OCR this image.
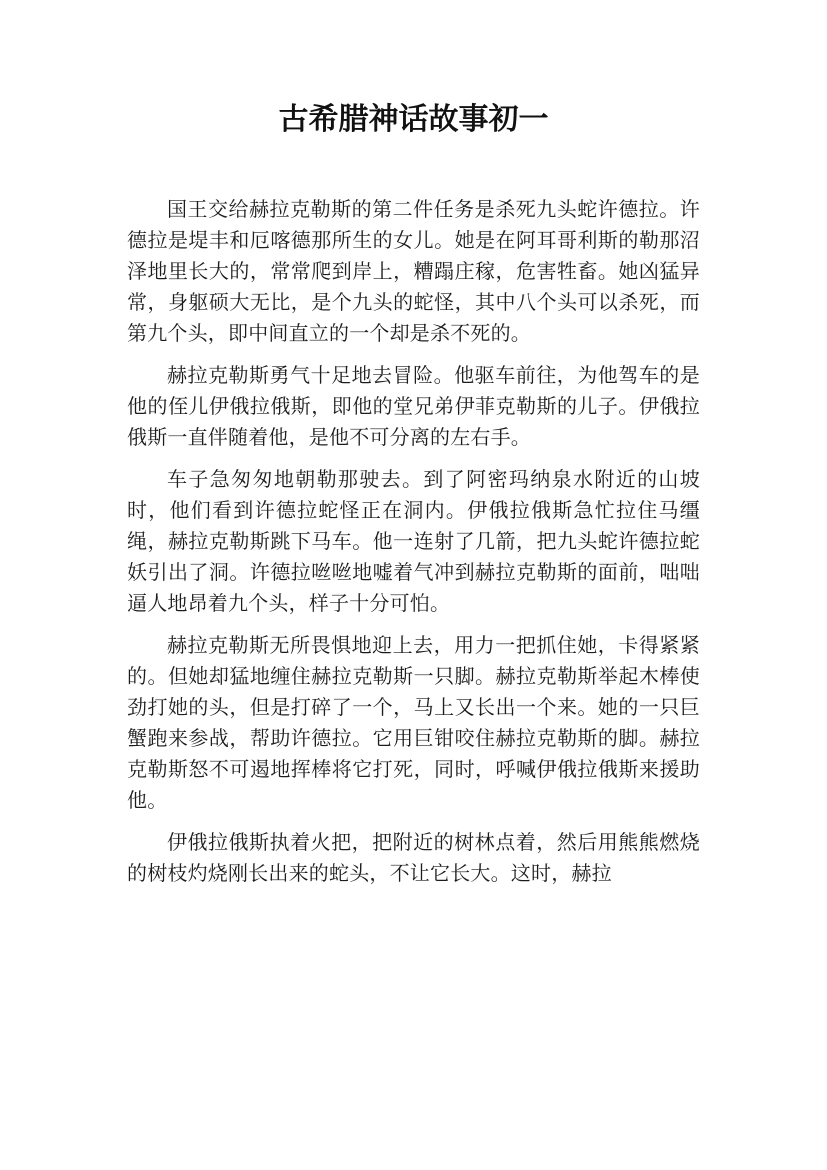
古希腊神话故事初一

国王交给赫拉克勒斯的第二件任务是杀死九头蛇许德拉。许德拉是堤丰和厄喀德那所生的女儿。她是在阿耳哥利斯的勒那沼泽地里长大的，常常爬到岸上，糟蹋庄稼，危害牲畜。她凶猛异常，身躯硕大无比，是个九头的蛇怪，其中八个头可以杀死，而第九个头，即中间直立的一个却是杀不死的。

赫拉克勒斯勇气十足地去冒险。他驱车前往，为他驾车的是他的侄儿伊俄拉俄斯，即他的堂兄弟伊菲克勒斯的儿子。伊俄拉俄斯一直伴随着他，是他不可分离的左右手。

车子急匆匆地朝勒那驶去。到了阿密玛纳泉水附近的山坡时，他们看到许德拉蛇怪正在洞内。伊俄拉俄斯急忙拉住马缰绳，赫拉克勒斯跳下马车。他一连射了几箭，把九头蛇许德拉蛇妖引出了洞。许德拉咝咝地嘘着气冲到赫拉克勒斯的面前，咄咄逼人地昂着九个头，样子十分可怕。

赫拉克勒斯无所畏惧地迎上去，用力一把抓住她，卡得紧紧的。但她却猛地缠住赫拉克勒斯一只脚。赫拉克勒斯举起木棒使劲打她的头，但是打碎了一个，马上又长出一个来。她的一只巨蟹跑来参战，帮助许德拉。它用巨钳咬住赫拉克勒斯的脚。赫拉克勒斯怒不可遏地挥棒将它打死，同时，呼喊伊俄拉俄斯来援助他。

伊俄拉俄斯执着火把，把附近的树林点着，然后用熊熊燃烧的树枝灼烧刚长出来的蛇头，不让它长大。这时，赫拉
